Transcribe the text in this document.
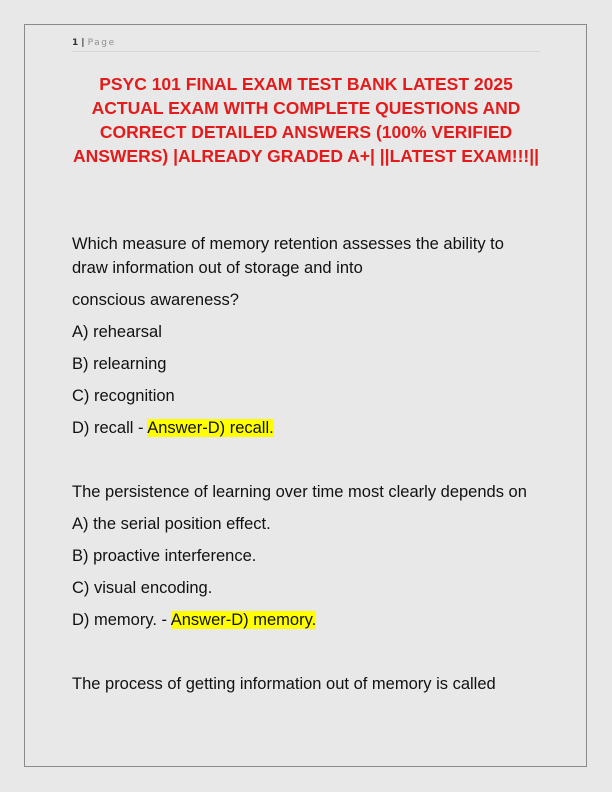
1 | Page
PSYC 101 FINAL EXAM TEST BANK LATEST 2025 ACTUAL EXAM WITH COMPLETE QUESTIONS AND CORRECT DETAILED ANSWERS (100% VERIFIED ANSWERS) |ALREADY GRADED A+| ||LATEST EXAM!!!||

Which measure of memory retention assesses the ability to draw information out of storage and into

conscious awareness?

A) rehearsal

B) relearning

C) recognition

D) recall - Answer-D) recall.

The persistence of learning over time most clearly depends on

A) the serial position effect.

B) proactive interference.

C) visual encoding.

D) memory. - Answer-D) memory.

The process of getting information out of memory is called
